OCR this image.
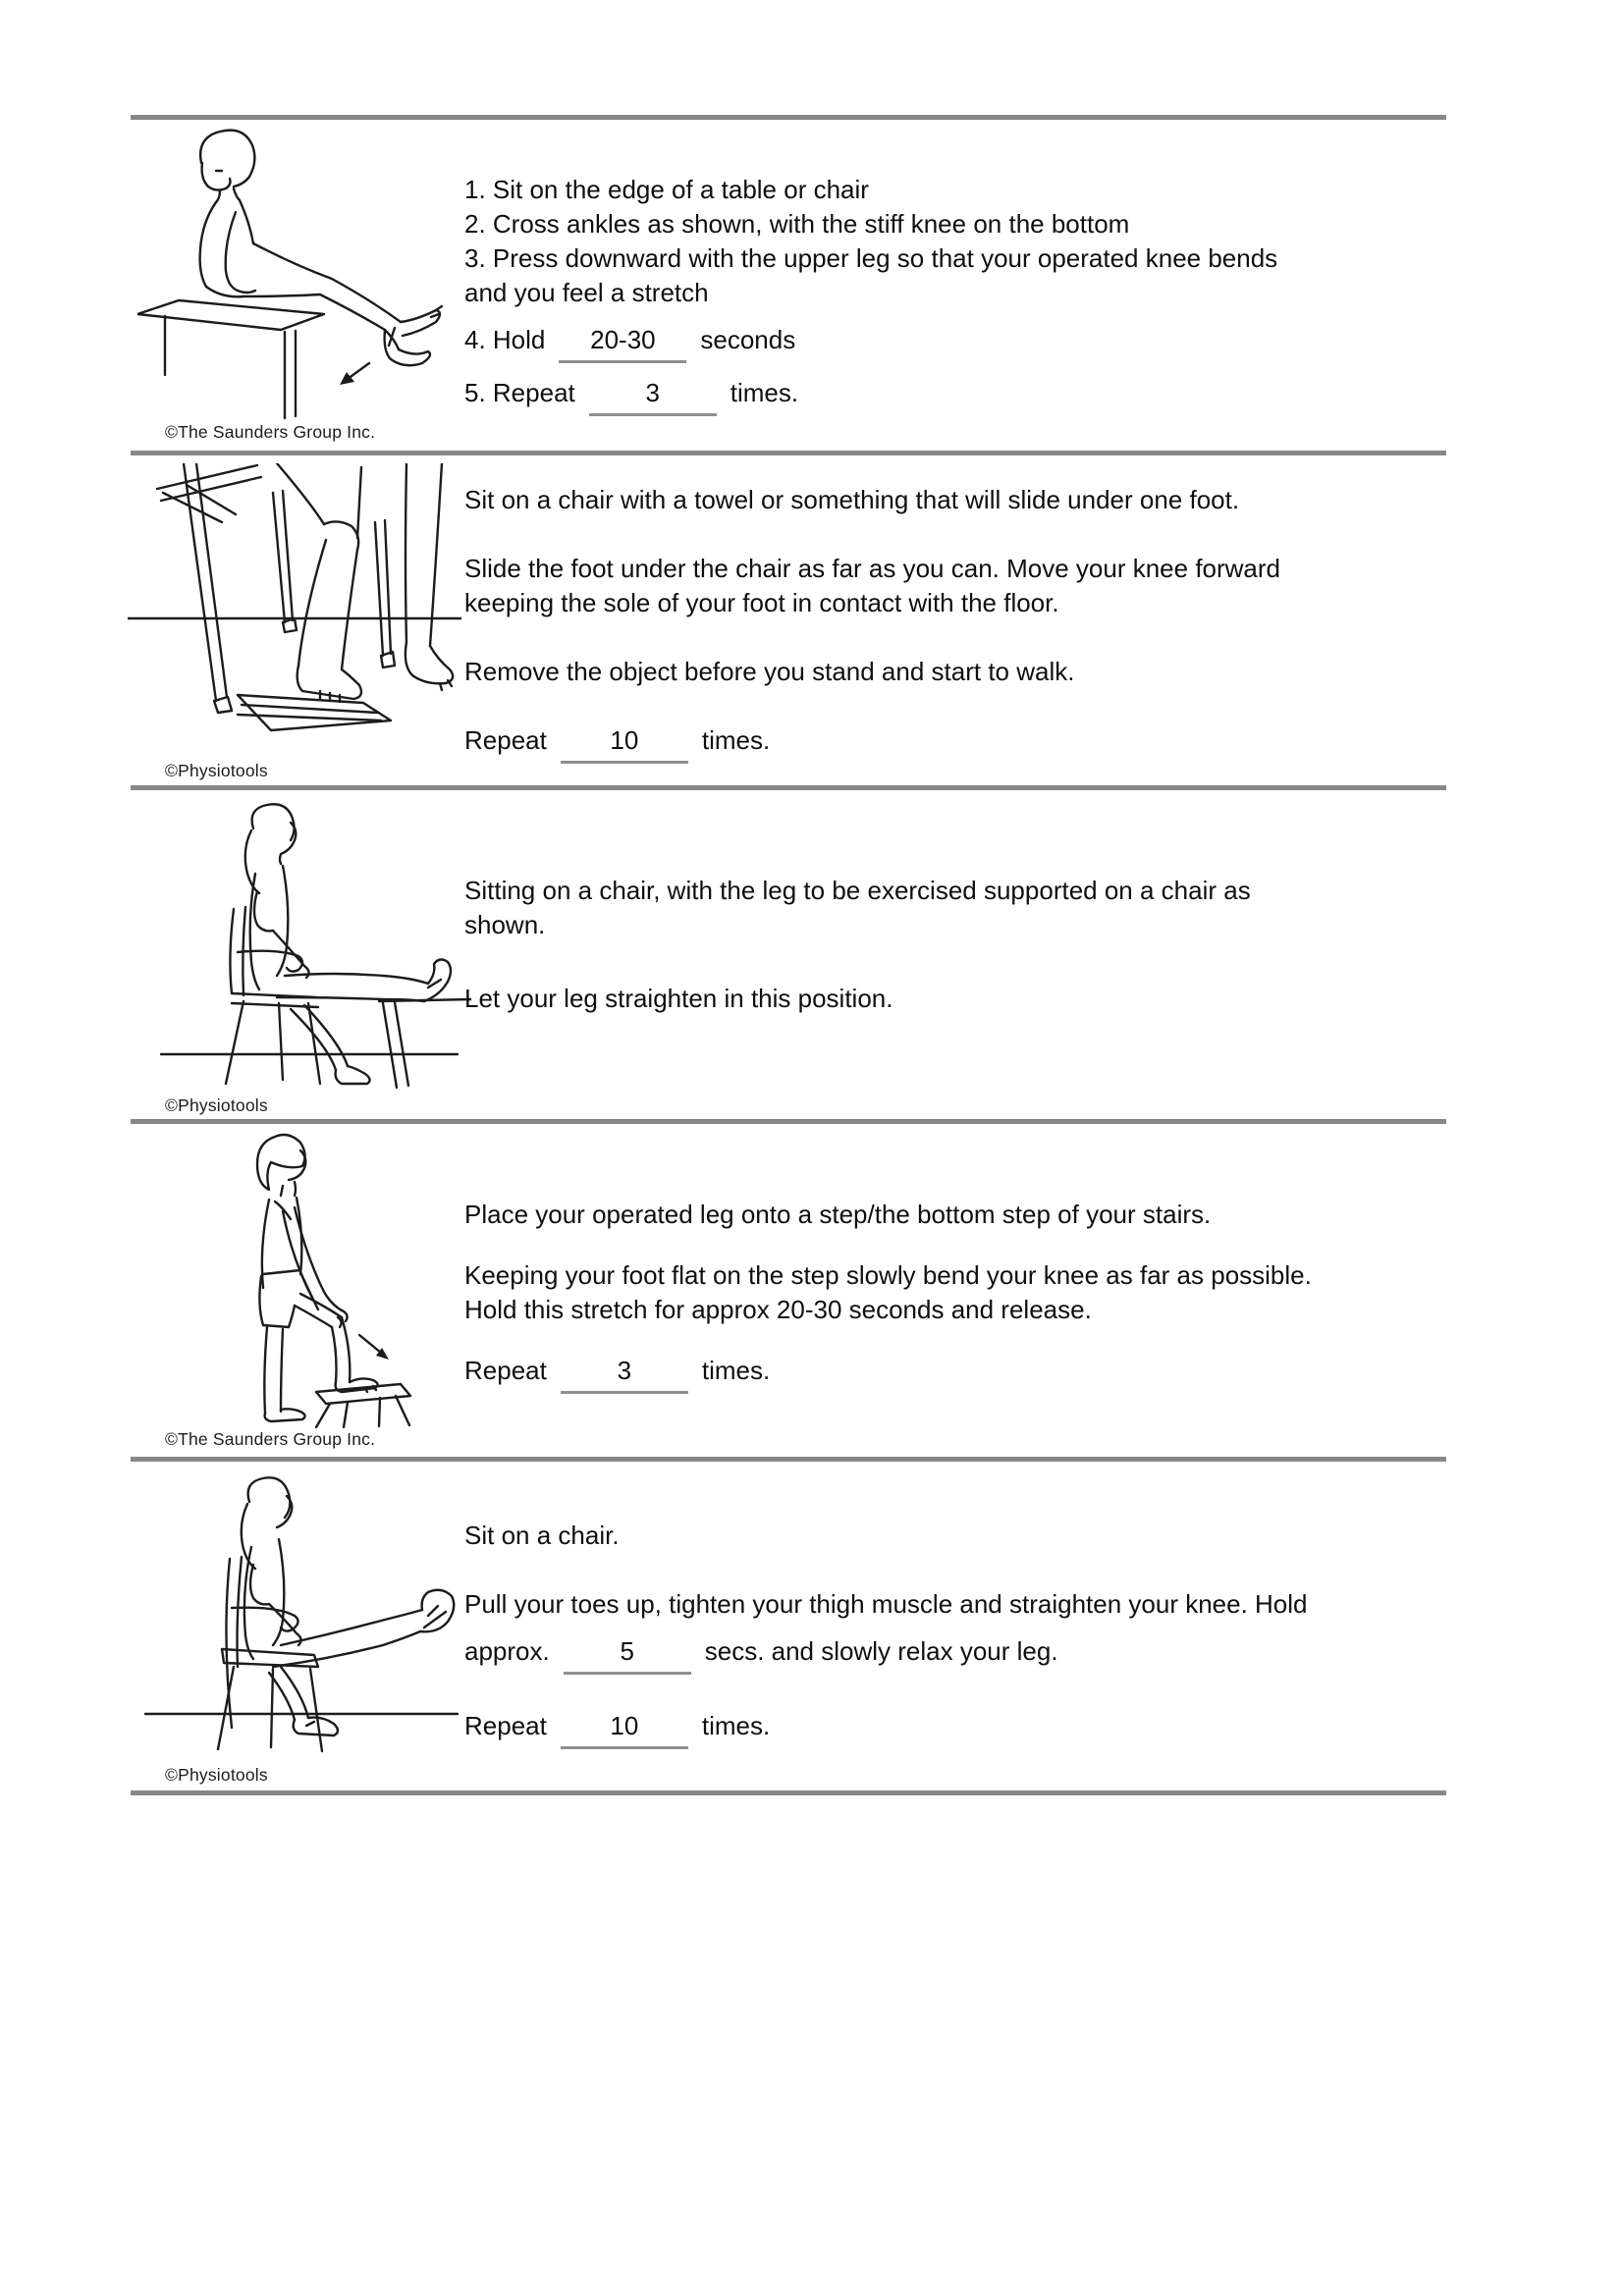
©The Saunders Group Inc.
1. Sit on the edge of a table or chair
2. Cross ankles as shown, with the stiff knee on the bottom
3. Press downward with the upper leg so that your operated knee bends
and you feel a stretch
4. Hold 20-30 seconds
5. Repeat	3	times.
©Physiotools
Sit on a chair with a towel or something that will slide under one foot.
Slide the foot under the chair as far as you can. Move your knee forward
keeping the sole of your foot in contact with the floor.
Remove the object before you stand and start to walk.
Repeat 10 times.
©Physiotools
Sitting on a chair, with the leg to be exercised supported on a chair as
shown.
Let your leg straighten in this position.
©The Saunders Group Inc.
Place your operated leg onto a step/the bottom step of your stairs.
Keeping your foot flat on the step slowly bend your knee as far as possible.
Hold this stretch for approx 20-30 seconds and release.
Repeat	3	times.
©Physiotools
Sit on a chair.
Pull your toes up, tighten your thigh muscle and straighten your knee. Hold
approx.	5	secs. and slowly relax your leg.
Repeat 10 times.
